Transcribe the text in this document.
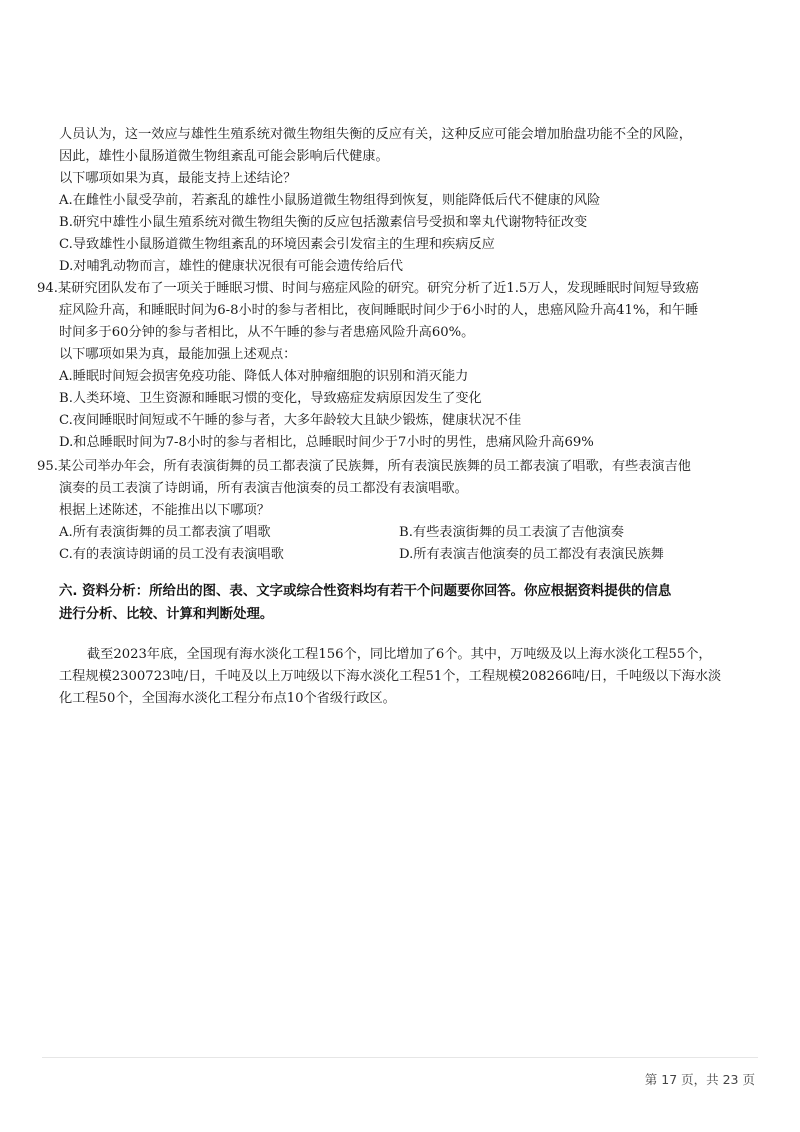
人员认为，这一效应与雄性生殖系统对微生物组失衡的反应有关，这种反应可能会增加胎盘功能不全的风险，
因此，雄性小鼠肠道微生物组紊乱可能会影响后代健康。
以下哪项如果为真，最能支持上述结论？
A.在雌性小鼠受孕前，若紊乱的雄性小鼠肠道微生物组得到恢复，则能降低后代不健康的风险
B.研究中雄性小鼠生殖系统对微生物组失衡的反应包括激素信号受损和睾丸代谢物特征改变
C.导致雄性小鼠肠道微生物组紊乱的环境因素会引发宿主的生理和疾病反应
D.对哺乳动物而言，雄性的健康状况很有可能会遗传给后代
94.某研究团队发布了一项关于睡眠习惯、时间与癌症风险的研究。研究分析了近1.5万人，发现睡眠时间短导致癌
症风险升高，和睡眠时间为6-8小时的参与者相比，夜间睡眠时间少于6小时的人，患癌风险升高41%，和午睡
时间多于60分钟的参与者相比，从不午睡的参与者患癌风险升高60%。
以下哪项如果为真，最能加强上述观点：
A.睡眠时间短会损害免疫功能、降低人体对肿瘤细胞的识别和消灭能力
B.人类环境、卫生资源和睡眠习惯的变化，导致癌症发病原因发生了变化
C.夜间睡眠时间短或不午睡的参与者，大多年龄较大且缺少锻炼，健康状况不佳
D.和总睡眠时间为7-8小时的参与者相比，总睡眠时间少于7小时的男性，患痛风险升高69%
95.某公司举办年会，所有表演街舞的员工都表演了民族舞，所有表演民族舞的员工都表演了唱歌，有些表演吉他
演奏的员工表演了诗朗诵，所有表演吉他演奏的员工都没有表演唱歌。
根据上述陈述，不能推出以下哪项？
A.所有表演街舞的员工都表演了唱歌	B.有些表演街舞的员工表演了吉他演奏
C.有的表演诗朗诵的员工没有表演唱歌	D.所有表演吉他演奏的员工都没有表演民族舞
六. 资料分析：所给出的图、表、文字或综合性资料均有若干个问题要你回答。你应根据资料提供的信息
进行分析、比较、计算和判断处理。
截至2023年底，全国现有海水淡化工程156个，同比增加了6个。其中，万吨级及以上海水淡化工程55个，
工程规模2300723吨/日，千吨及以上万吨级以下海水淡化工程51个，工程规模208266吨/日，千吨级以下海水淡
化工程50个，全国海水淡化工程分布点10个省级行政区。
第 17 页，共 23 页
